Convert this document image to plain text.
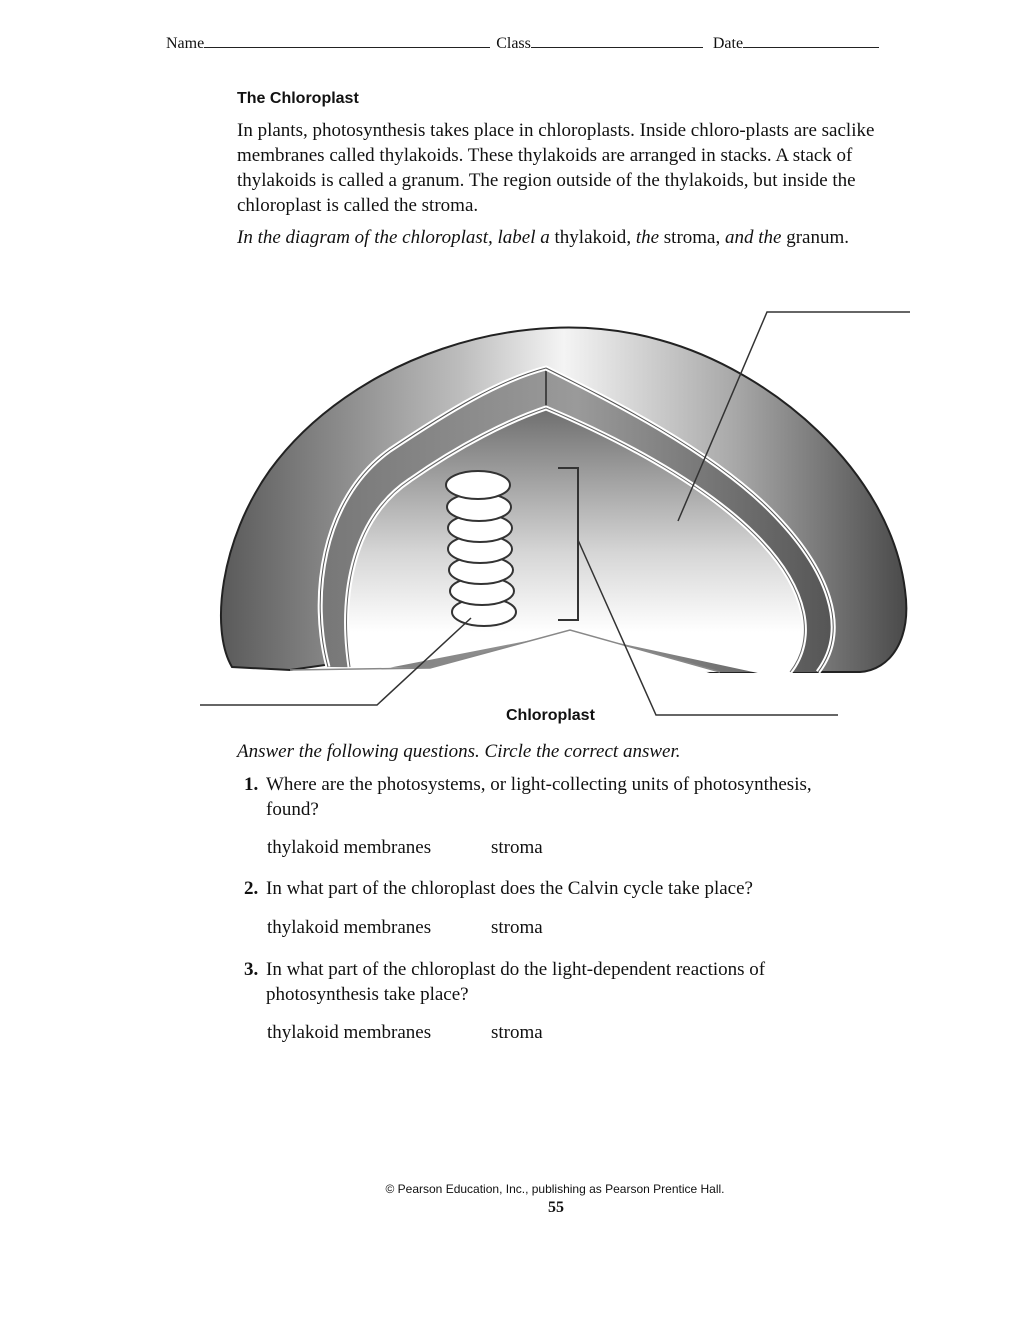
Name	Class	Date
The Chloroplast
In plants, photosynthesis takes place in chloroplasts. Inside chloro-plasts are saclike membranes called thylakoids. These thylakoids are arranged in stacks. A stack of thylakoids is called a granum. The region outside of the thylakoids, but inside the chloroplast is called the stroma.
In the diagram of the chloroplast, label a thylakoid, the stroma, and the granum.
Chloroplast
Answer the following questions. Circle the correct answer.
1. Where are the photosystems, or light-collecting units of photosynthesis, found?
thylakoid membranes	stroma
2. In what part of the chloroplast does the Calvin cycle take place?
thylakoid membranes	stroma
3. In what part of the chloroplast do the light-dependent reactions of photosynthesis take place?
thylakoid membranes	stroma
© Pearson Education, Inc., publishing as Pearson Prentice Hall.
55
